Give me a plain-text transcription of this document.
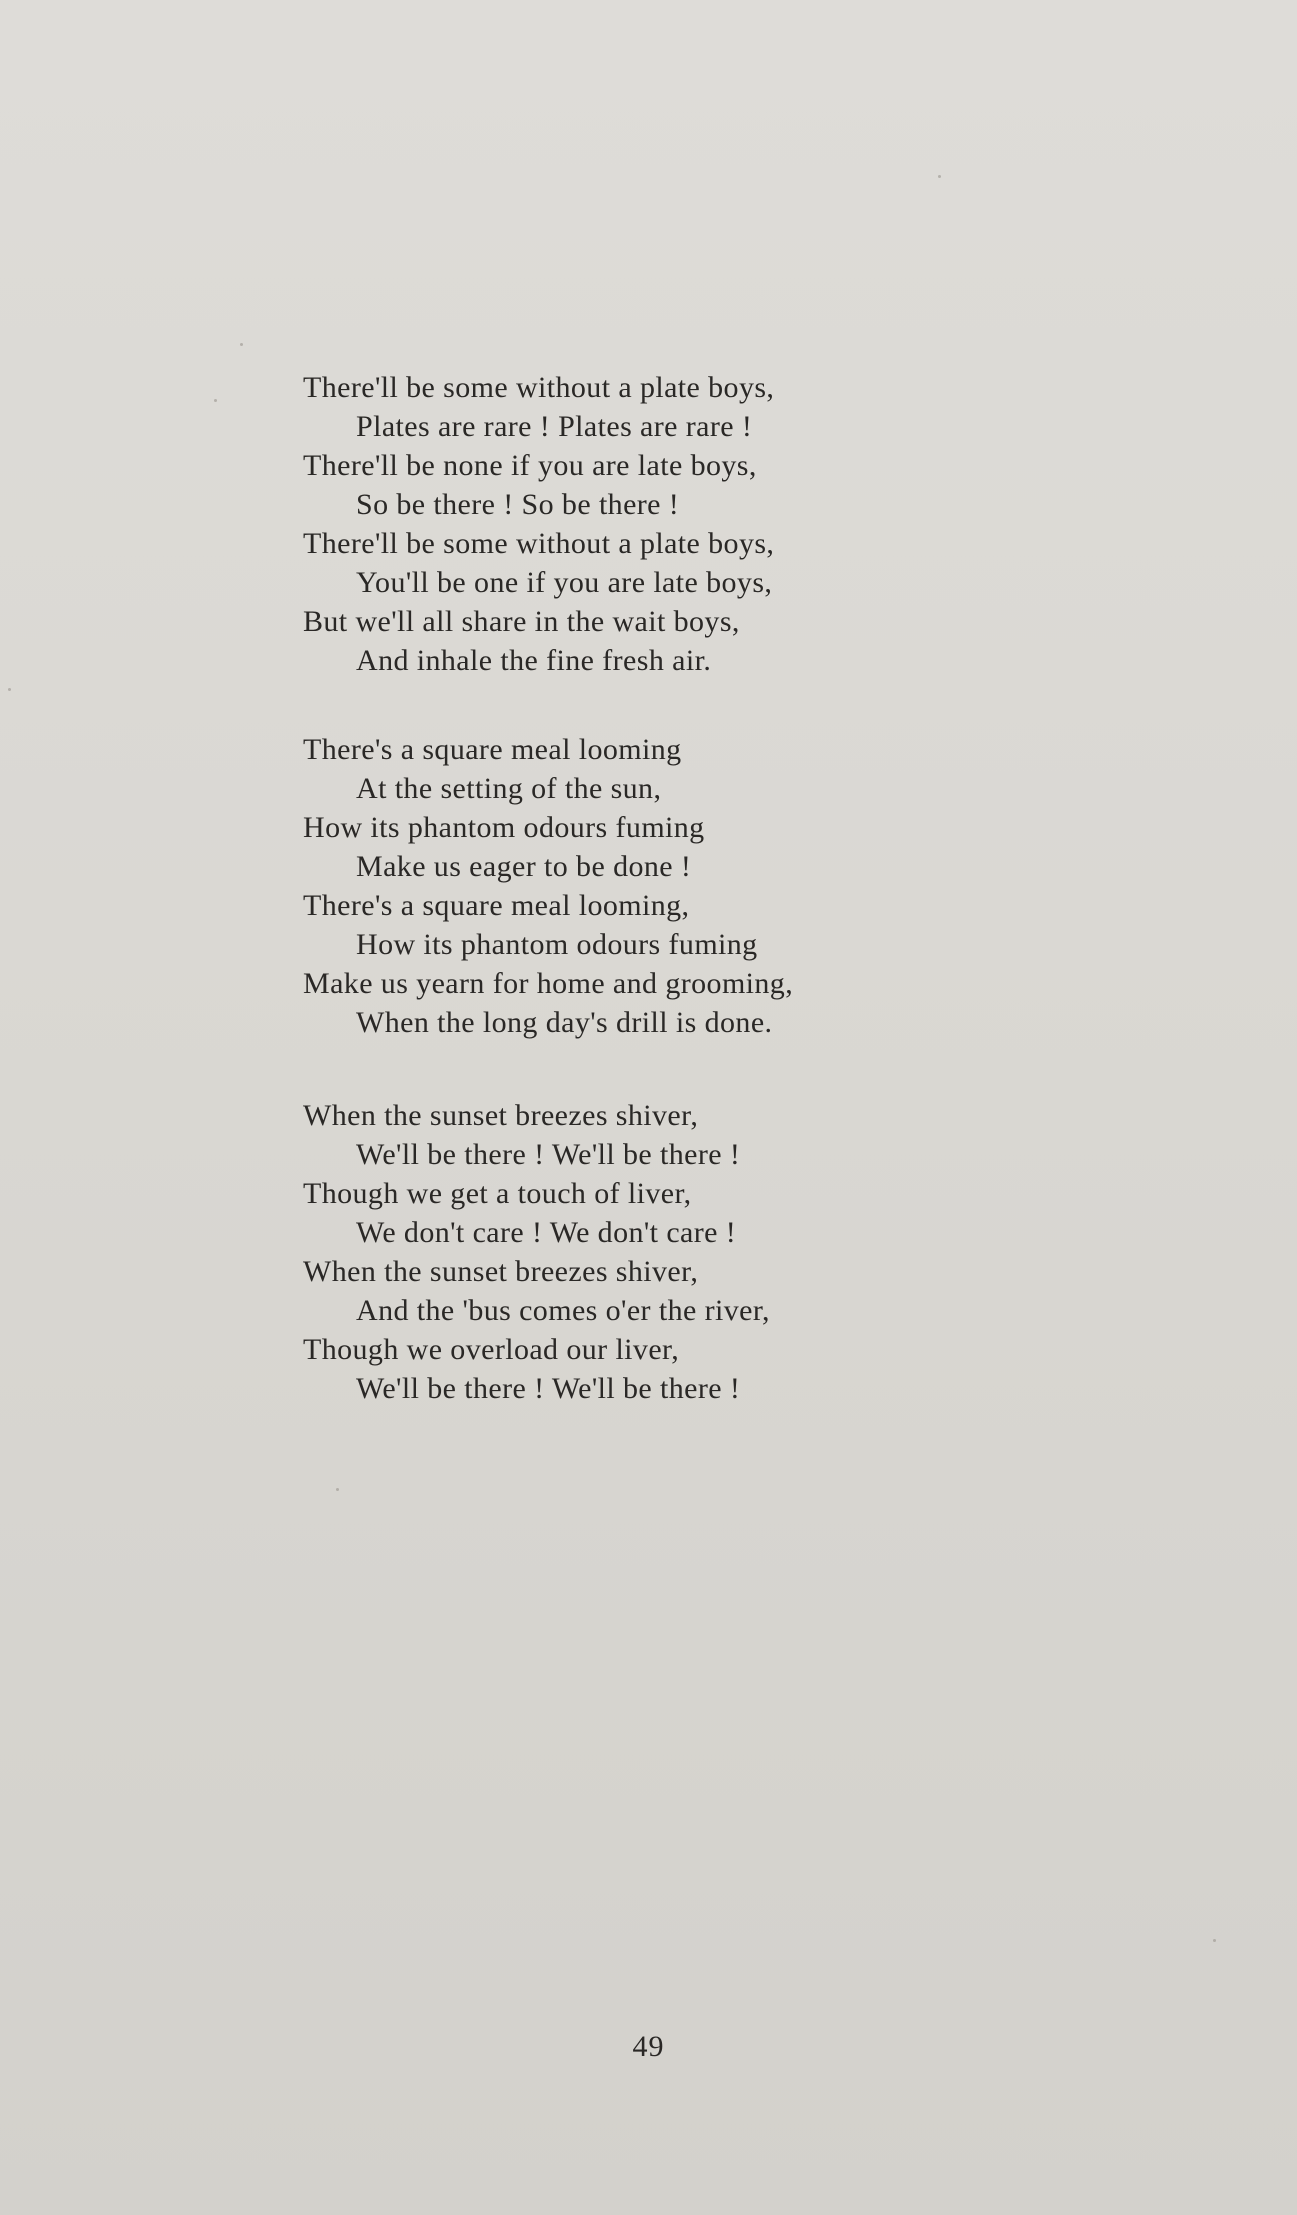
There'll be some without a plate boys,
Plates are rare ! Plates are rare !
There'll be none if you are late boys,
So be there ! So be there !
There'll be some without a plate boys,
You'll be one if you are late boys,
But we'll all share in the wait boys,
And inhale the fine fresh air.
There's a square meal looming
At the setting of the sun,
How its phantom odours fuming
Make us eager to be done !
There's a square meal looming,
How its phantom odours fuming
Make us yearn for home and grooming,
When the long day's drill is done.
When the sunset breezes shiver,
We'll be there ! We'll be there !
Though we get a touch of liver,
We don't care ! We don't care !
When the sunset breezes shiver,
And the 'bus comes o'er the river,
Though we overload our liver,
We'll be there ! We'll be there !
49
